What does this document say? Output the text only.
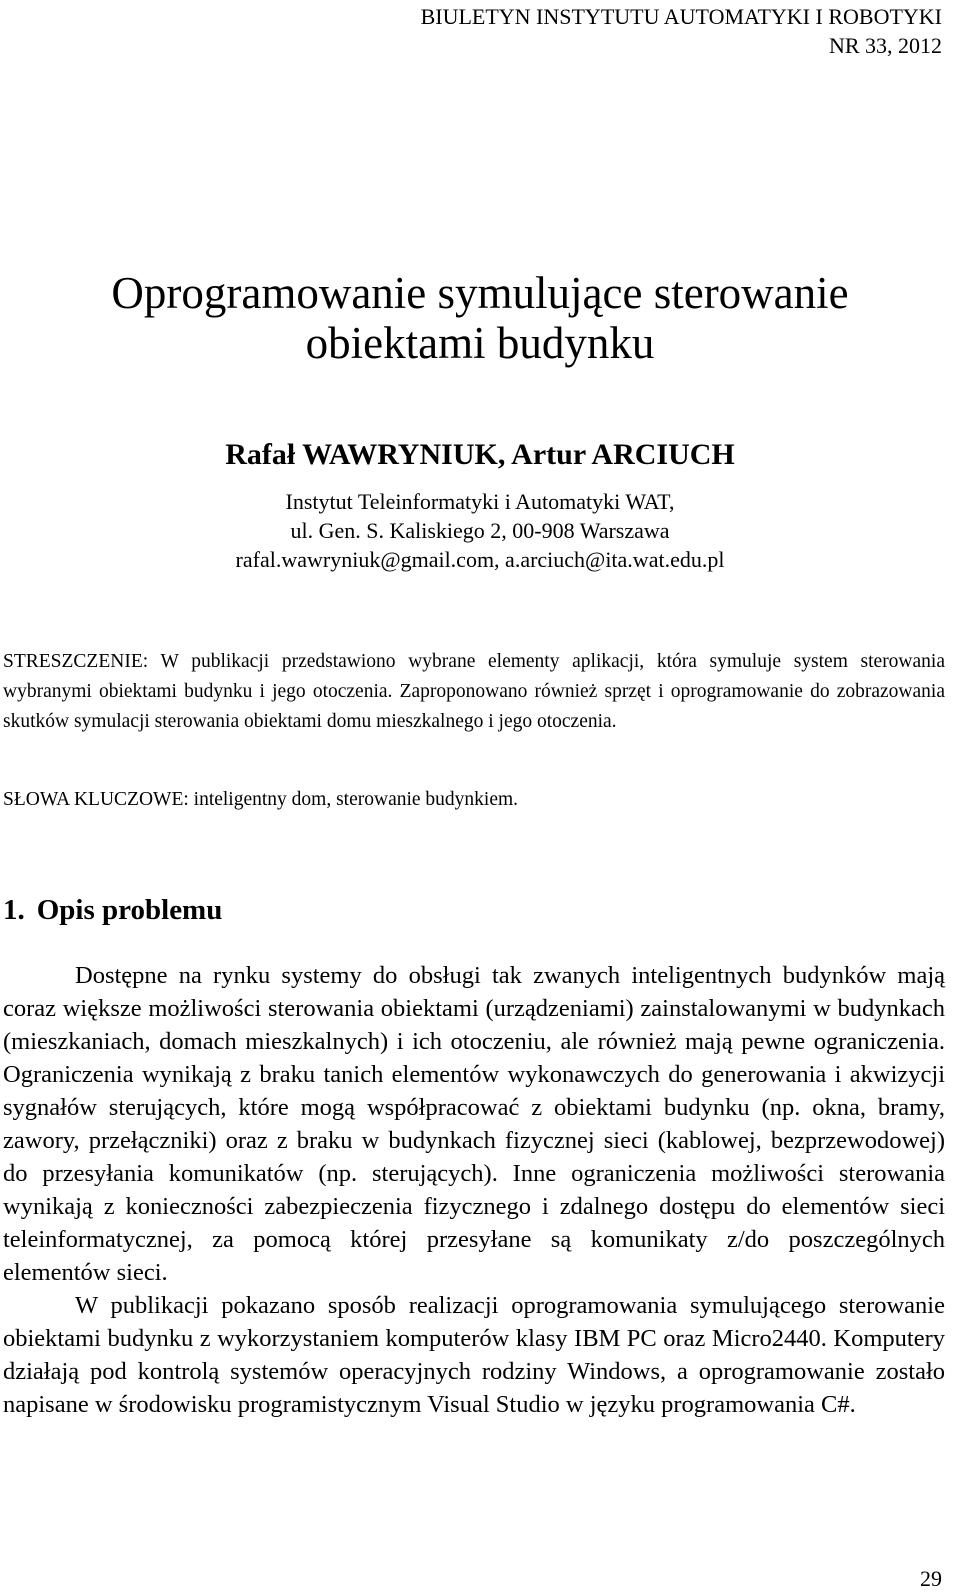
BIULETYN INSTYTUTU AUTOMATYKI I ROBOTYKI
NR 33, 2012
Oprogramowanie symulujące sterowanie
obiektami budynku
Rafał WAWRYNIUK, Artur ARCIUCH
Instytut Teleinformatyki i Automatyki WAT,
ul. Gen. S. Kaliskiego 2, 00-908 Warszawa
rafal.wawryniuk@gmail.com, a.arciuch@ita.wat.edu.pl
STRESZCZENIE: W publikacji przedstawiono wybrane elementy aplikacji, która symuluje system sterowania wybranymi obiektami budynku i jego otoczenia. Zaproponowano również sprzęt i oprogramowanie do zobrazowania skutków symulacji sterowania obiektami domu mieszkalnego i jego otoczenia.
SŁOWA KLUCZOWE: inteligentny dom, sterowanie budynkiem.
1. Opis problemu

Dostępne na rynku systemy do obsługi tak zwanych inteligentnych budynków mają coraz większe możliwości sterowania obiektami (urządzeniami) zainstalowanymi w budynkach (mieszkaniach, domach mieszkalnych) i ich otoczeniu, ale również mają pewne ograniczenia. Ograniczenia wynikają z braku tanich elementów wykonawczych do generowania i akwizycji sygnałów sterujących, które mogą współpracować z obiektami budynku (np. okna, bramy, zawory, przełączniki) oraz z braku w budynkach fizycznej sieci (kablowej, bezprzewodowej) do przesyłania komunikatów (np. sterujących). Inne ograniczenia możliwości sterowania wynikają z konieczności zabezpieczenia fizycznego i zdalnego dostępu do elementów sieci teleinformatycznej, za pomocą której przesyłane są komunikaty z/do poszczególnych elementów sieci.

W publikacji pokazano sposób realizacji oprogramowania symulującego sterowanie obiektami budynku z wykorzystaniem komputerów klasy IBM PC oraz Micro2440. Komputery działają pod kontrolą systemów operacyjnych rodziny Windows, a oprogramowanie zostało napisane w środowisku programistycznym Visual Studio w języku programowania C#.

29
